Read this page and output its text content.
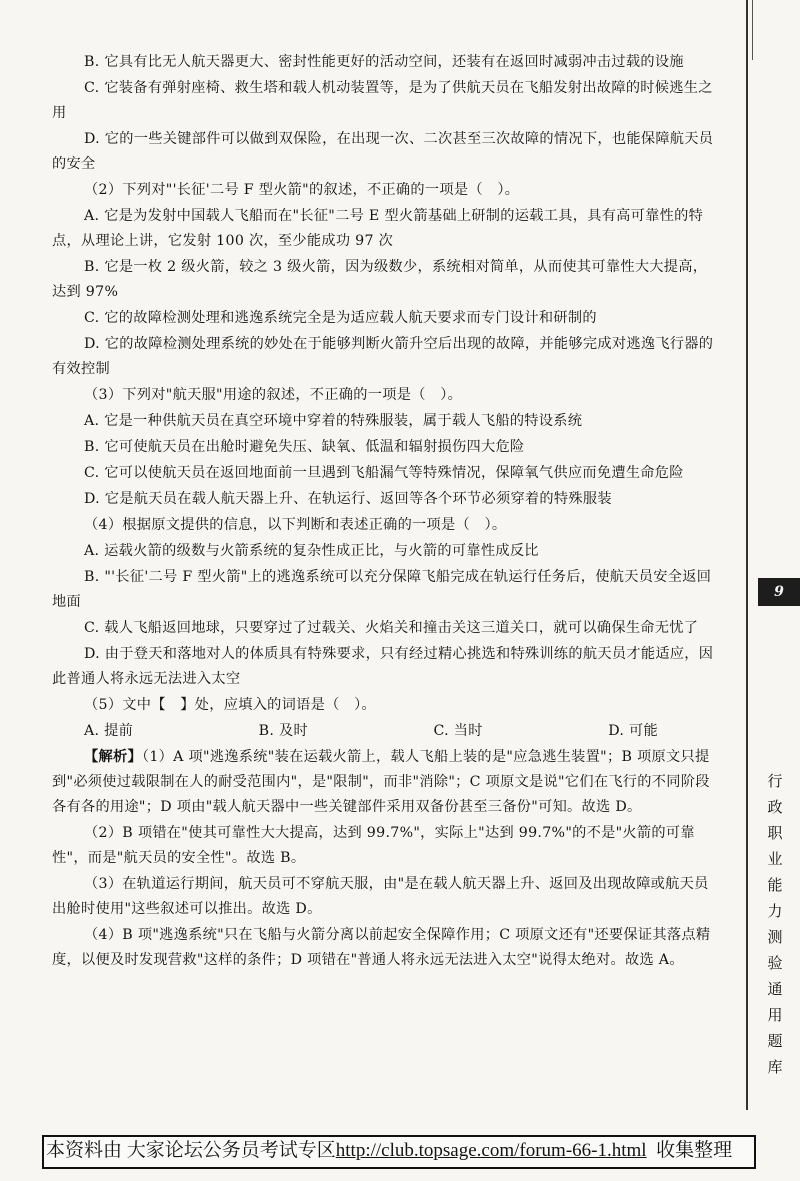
B. 它具有比无人航天器更大、密封性能更好的活动空间，还装有在返回时减弱冲击过载的设施

C. 它装备有弹射座椅、救生塔和载人机动装置等，是为了供航天员在飞船发射出故障的时候逃生之用

D. 它的一些关键部件可以做到双保险，在出现一次、二次甚至三次故障的情况下，也能保障航天员的安全

（2）下列对"'长征'二号 F 型火箭"的叙述，不正确的一项是（　）。

A. 它是为发射中国载人飞船而在"长征"二号 E 型火箭基础上研制的运载工具，具有高可靠性的特点，从理论上讲，它发射 100 次，至少能成功 97 次

B. 它是一枚 2 级火箭，较之 3 级火箭，因为级数少，系统相对简单，从而使其可靠性大大提高，达到 97%

C. 它的故障检测处理和逃逸系统完全是为适应载人航天要求而专门设计和研制的

D. 它的故障检测处理系统的妙处在于能够判断火箭升空后出现的故障，并能够完成对逃逸飞行器的有效控制

（3）下列对"航天服"用途的叙述，不正确的一项是（　）。

A. 它是一种供航天员在真空环境中穿着的特殊服装，属于载人飞船的特设系统

B. 它可使航天员在出舱时避免失压、缺氧、低温和辐射损伤四大危险

C. 它可以使航天员在返回地面前一旦遇到飞船漏气等特殊情况，保障氧气供应而免遭生命危险

D. 它是航天员在载人航天器上升、在轨运行、返回等各个环节必须穿着的特殊服装

（4）根据原文提供的信息，以下判断和表述正确的一项是（　）。

A. 运载火箭的级数与火箭系统的复杂性成正比，与火箭的可靠性成反比

B. "'长征'二号 F 型火箭"上的逃逸系统可以充分保障飞船完成在轨运行任务后，使航天员安全返回地面

C. 载人飞船返回地球，只要穿过了过载关、火焰关和撞击关这三道关口，就可以确保生命无忧了

D. 由于登天和落地对人的体质具有特殊要求，只有经过精心挑选和特殊训练的航天员才能适应，因此普通人将永远无法进入太空

（5）文中【　】处，应填入的词语是（　）。

A. 提前	B. 及时	C. 当时	D. 可能

【解析】（1）A 项"逃逸系统"装在运载火箭上，载人飞船上装的是"应急逃生装置"；B 项原文只提到"必须使过载限制在人的耐受范围内"，是"限制"，而非"消除"；C 项原文是说"它们在飞行的不同阶段各有各的用途"；D 项由"载人航天器中一些关键部件采用双备份甚至三备份"可知。故选 D。

（2）B 项错在"使其可靠性大大提高，达到 99.7%"，实际上"达到 99.7%"的不是"火箭的可靠性"，而是"航天员的安全性"。故选 B。

（3）在轨道运行期间，航天员可不穿航天服，由"是在载人航天器上升、返回及出现故障或航天员出舱时使用"这些叙述可以推出。故选 D。

（4）B 项"逃逸系统"只在飞船与火箭分离以前起安全保障作用；C 项原文还有"还要保证其落点精度，以便及时发现营救"这样的条件；D 项错在"普通人将永远无法进入太空"说得太绝对。故选 A。

9
行
政
职
业
能
力
测
验
通
用
题
库
本资料由 大家论坛公务员考试专区http://club.topsage.com/forum-66-1.html 收集整理
